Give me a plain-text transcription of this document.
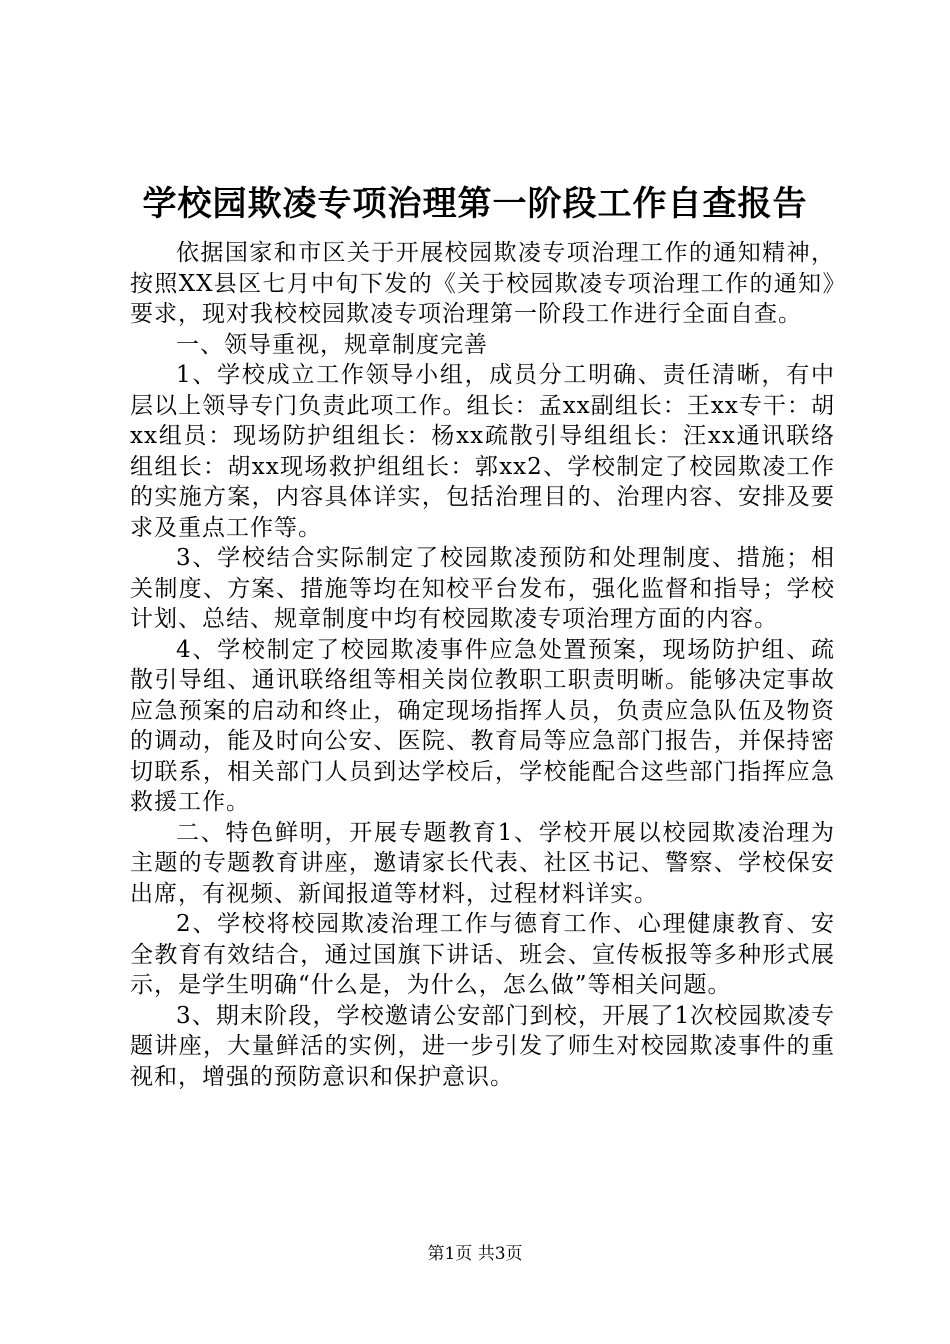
学校园欺凌专项治理第一阶段工作自查报告

依据国家和市区关于开展校园欺凌专项治理工作的通知精神，按照XX县区七月中旬下发的《关于校园欺凌专项治理工作的通知》要求，现对我校校园欺凌专项治理第一阶段工作进行全面自查。

一、领导重视，规章制度完善

1、学校成立工作领导小组，成员分工明确、责任清晰，有中层以上领导专门负责此项工作。组长：孟xx副组长：王xx专干：胡xx组员：现场防护组组长：杨xx疏散引导组组长：汪xx通讯联络组组长：胡xx现场救护组组长：郭xx2、学校制定了校园欺凌工作的实施方案，内容具体详实，包括治理目的、治理内容、安排及要求及重点工作等。

3、学校结合实际制定了校园欺凌预防和处理制度、措施；相关制度、方案、措施等均在知校平台发布，强化监督和指导；学校计划、总结、规章制度中均有校园欺凌专项治理方面的内容。

4、学校制定了校园欺凌事件应急处置预案，现场防护组、疏散引导组、通讯联络组等相关岗位教职工职责明晰。能够决定事故应急预案的启动和终止，确定现场指挥人员，负责应急队伍及物资的调动，能及时向公安、医院、教育局等应急部门报告，并保持密切联系，相关部门人员到达学校后，学校能配合这些部门指挥应急救援工作。

二、特色鲜明，开展专题教育1、学校开展以校园欺凌治理为主题的专题教育讲座，邀请家长代表、社区书记、警察、学校保安出席，有视频、新闻报道等材料，过程材料详实。

2、学校将校园欺凌治理工作与德育工作、心理健康教育、安全教育有效结合，通过国旗下讲话、班会、宣传板报等多种形式展示，是学生明确“什么是，为什么，怎么做”等相关问题。

3、期末阶段，学校邀请公安部门到校，开展了1次校园欺凌专题讲座，大量鲜活的实例，进一步引发了师生对校园欺凌事件的重视和，增强的预防意识和保护意识。

第1页 共3页
